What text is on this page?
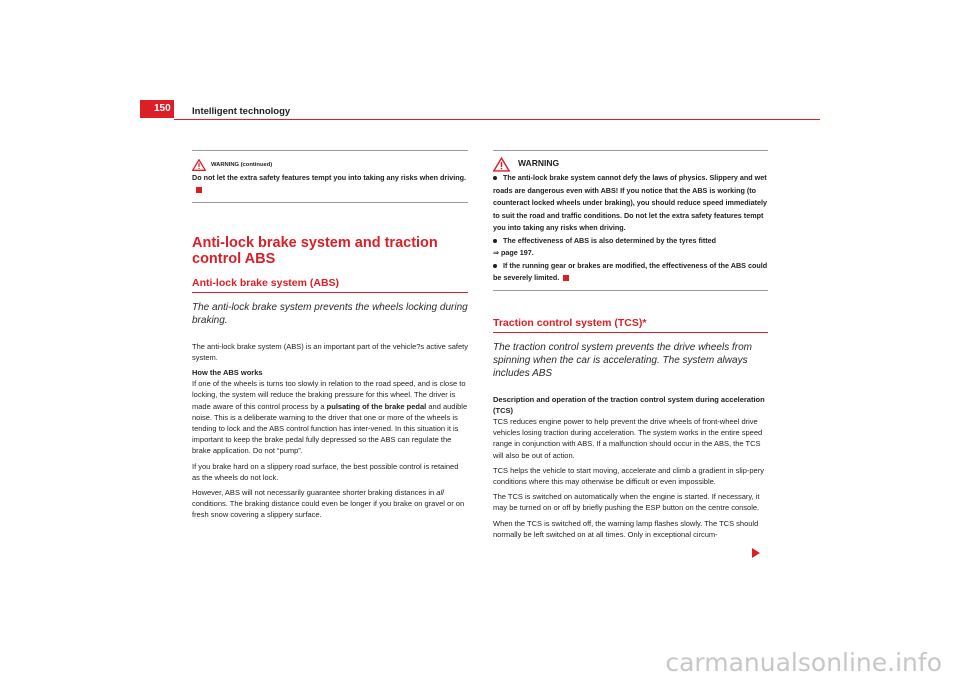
150	Intelligent technology
WARNING (continued)
Do not let the extra safety features tempt you into taking any risks when driving.
Anti-lock brake system and traction control ABS
Anti-lock brake system (ABS)
The anti-lock brake system prevents the wheels locking during braking.

The anti-lock brake system (ABS) is an important part of the vehicle?s active safety system.

How the ABS works

If one of the wheels is turns too slowly in relation to the road speed, and is close to locking, the system will reduce the braking pressure for this wheel. The driver is made aware of this control process by a pulsating of the brake pedal and audible noise. This is a deliberate warning to the driver that one or more of the wheels is tending to lock and the ABS control function has inter-vened. In this situation it is important to keep the brake pedal fully depressed so the ABS can regulate the brake application. Do not “pump”.

If you brake hard on a slippery road surface, the best possible control is retained as the wheels do not lock.

However, ABS will not necessarily guarantee shorter braking distances in all conditions. The braking distance could even be longer if you brake on gravel or on fresh snow covering a slippery surface.

WARNING
The anti-lock brake system cannot defy the laws of physics. Slippery and wet roads are dangerous even with ABS! If you notice that the ABS is working (to counteract locked wheels under braking), you should reduce speed immediately to suit the road and traffic conditions. Do not let the extra safety features tempt you into taking any risks when driving.
The effectiveness of ABS is also determined by the tyres fitted
⇒ page 197.
If the running gear or brakes are modified, the effectiveness of the ABS could be severely limited.
Traction control system (TCS)*
The traction control system prevents the drive wheels from spinning when the car is accelerating. The system always includes ABS

Description and operation of the traction control system during acceleration (TCS)

TCS reduces engine power to help prevent the drive wheels of front-wheel drive vehicles losing traction during acceleration. The system works in the entire speed range in conjunction with ABS. If a malfunction should occur in the ABS, the TCS will also be out of action.

TCS helps the vehicle to start moving, accelerate and climb a gradient in slip-pery conditions where this may otherwise be difficult or even impossible.

The TCS is switched on automatically when the engine is started. If necessary, it may be turned on or off by briefly pushing the ESP button on the centre console.

When the TCS is switched off, the warning lamp flashes slowly. The TCS should normally be left switched on at all times. Only in exceptional circum-

carmanualsonline.info
